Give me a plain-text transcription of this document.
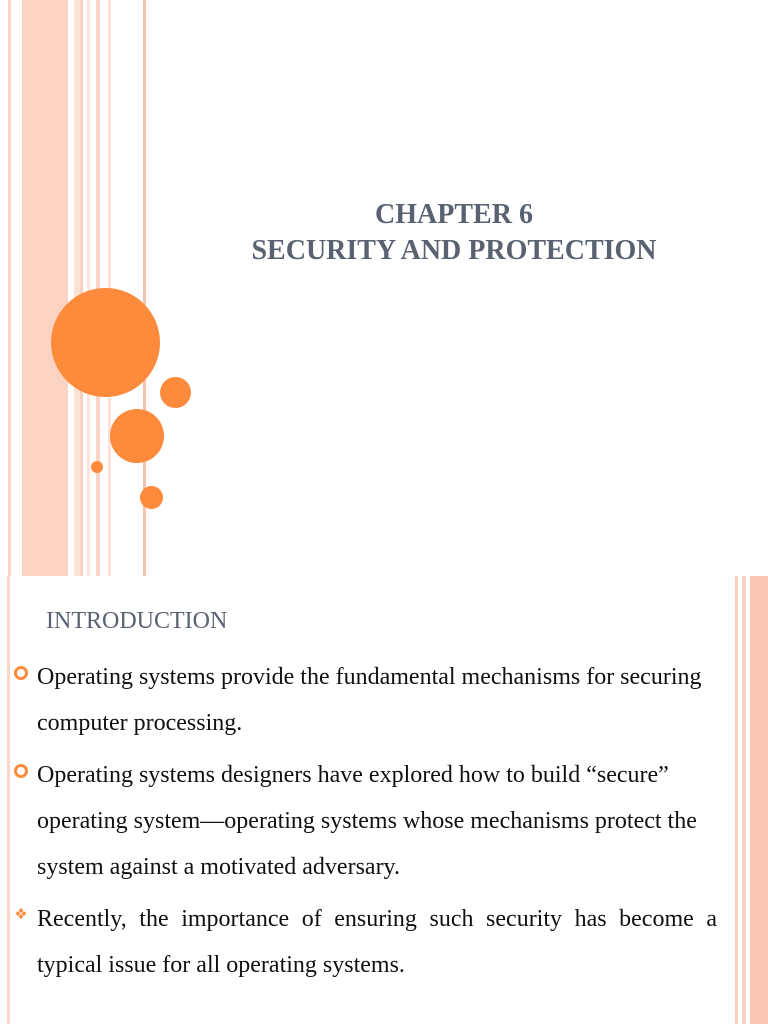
CHAPTER 6
SECURITY AND PROTECTION
INTRODUCTION
Operating systems provide the fundamental mechanisms for securing computer processing.
Operating systems designers have explored how to build “secure” operating system—operating systems whose mechanisms protect the system against a motivated adversary.
❖ Recently, the importance of ensuring such security has become a typical issue for all operating systems.
